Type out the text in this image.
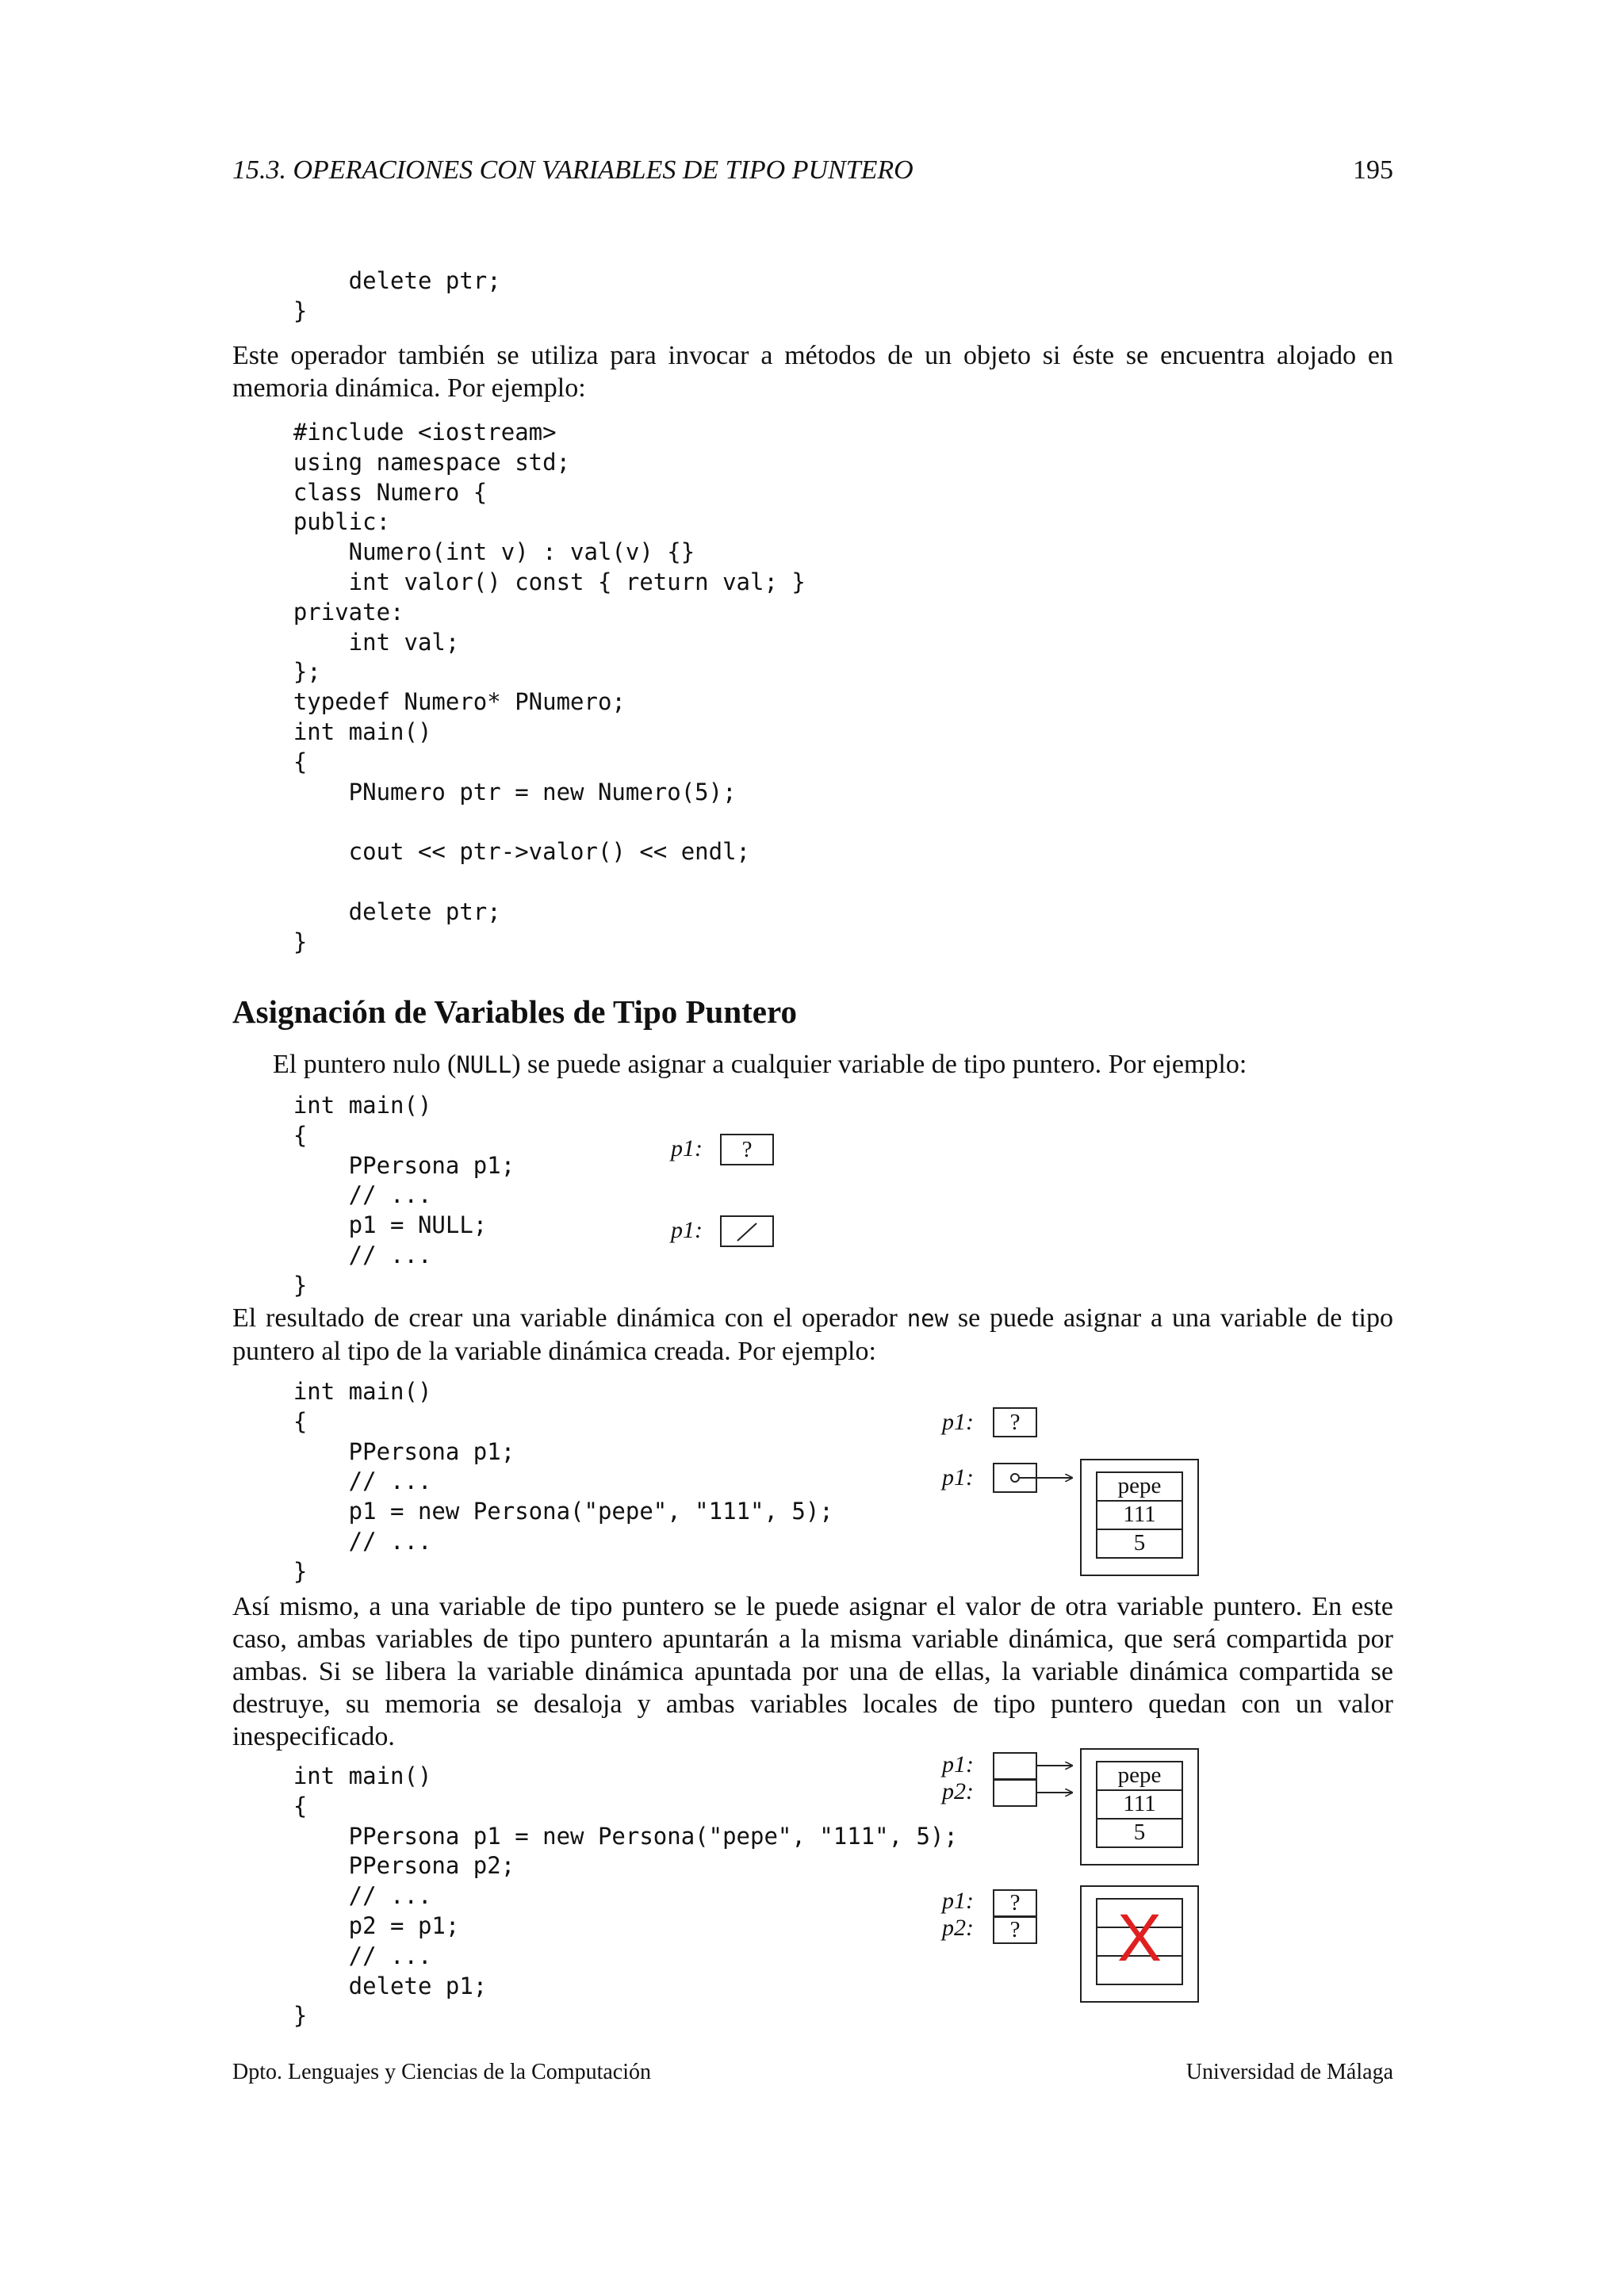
15.3. OPERACIONES CON VARIABLES DE TIPO PUNTERO	195
delete ptr;
}

Este operador también se utiliza para invocar a métodos de un objeto si éste se encuentra alojado en memoria dinámica. Por ejemplo:

#include <iostream>
using namespace std;
class Numero {
public:
Numero(int v) : val(v) {}
int valor() const { return val; }
private:
int val;
};
typedef Numero* PNumero;
int main()
{
PNumero ptr = new Numero(5);

cout << ptr->valor() << endl;

delete ptr;
}
Asignación de Variables de Tipo Puntero

El puntero nulo (NULL) se puede asignar a cualquier variable de tipo puntero. Por ejemplo:

int main()
{
PPersona p1;
// ...
p1 = NULL;
// ...
}
p1:	?
p1:

El resultado de crear una variable dinámica con el operador new se puede asignar a una variable de tipo puntero al tipo de la variable dinámica creada. Por ejemplo:

int main()
{
PPersona p1;
// ...
p1 = new Persona("pepe", "111", 5);
// ...
}
p1:	?
p1:	pepe
111
5

Así mismo, a una variable de tipo puntero se le puede asignar el valor de otra variable puntero. En este caso, ambas variables de tipo puntero apuntarán a la misma variable dinámica, que será compartida por ambas. Si se libera la variable dinámica apuntada por una de ellas, la variable dinámica compartida se destruye, su memoria se desaloja y ambas variables locales de tipo puntero quedan con un valor inespecificado.

int main()
{
PPersona p1 = new Persona("pepe", "111", 5);
PPersona p2;
// ...
p2 = p1;
// ...
delete p1;
}
p1:
p2:
pepe
111
5
p1:
p2:
?
?	X
Dpto. Lenguajes y Ciencias de la Computación	Universidad de Málaga
